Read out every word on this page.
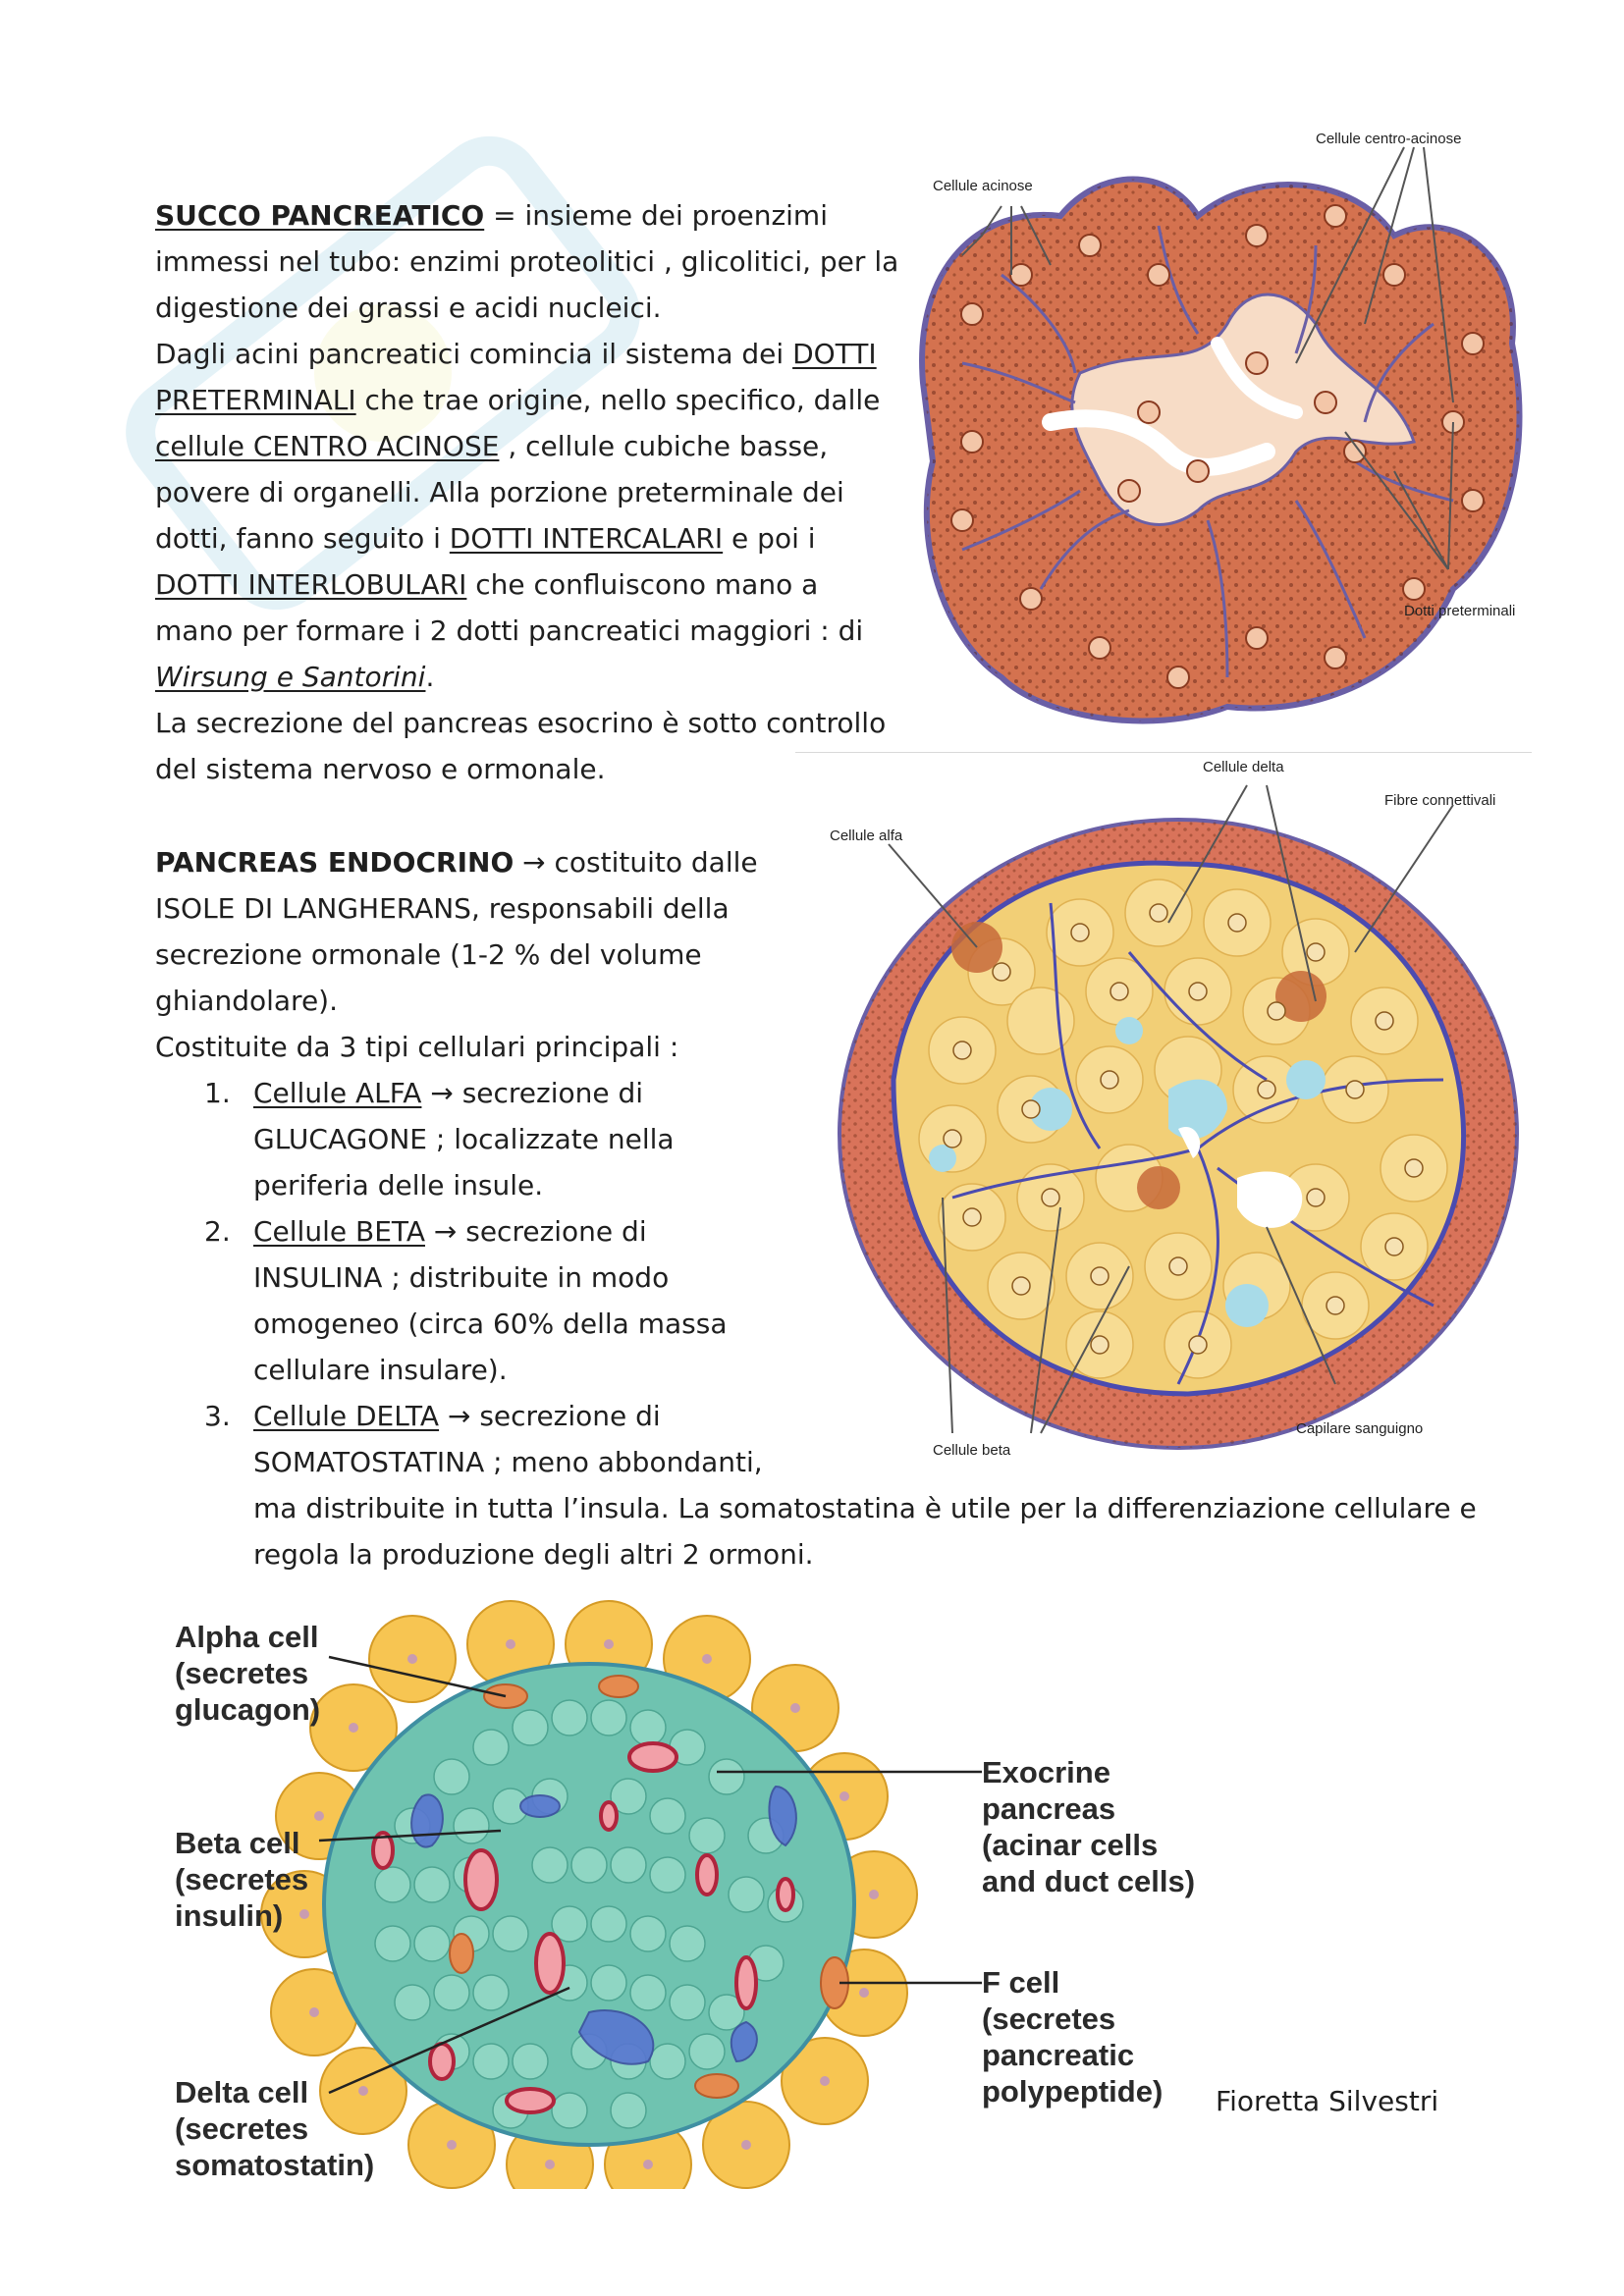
SUCCO PANCREATICO = insieme dei proenzimi
immessi nel tubo: enzimi proteolitici , glicolitici, per la
digestione dei grassi e acidi nucleici.
Dagli acini pancreatici comincia il sistema dei DOTTI
PRETERMINALI che trae origine, nello specifico, dalle
cellule CENTRO ACINOSE , cellule cubiche basse,
povere di organelli. Alla porzione preterminale dei
dotti, fanno seguito i DOTTI INTERCALARI e poi i
DOTTI INTERLOBULARI che confluiscono mano a
mano per formare i 2 dotti pancreatici maggiori : di
Wirsung e Santorini.
La secrezione del pancreas esocrino è sotto controllo
del sistema nervoso e ormonale.
PANCREAS ENDOCRINO → costituito dalle
ISOLE DI LANGHERANS, responsabili della
secrezione ormonale (1-2 % del volume
ghiandolare).
Costituite da 3 tipi cellulari principali :
1. Cellule ALFA → secrezione di
GLUCAGONE ; localizzate nella
periferia delle insule.
2. Cellule BETA → secrezione di
INSULINA ; distribuite in modo
omogeneo (circa 60% della massa
cellulare insulare).
3. Cellule DELTA → secrezione di
SOMATOSTATINA ; meno abbondanti,
ma distribuite in tutta l’insula. La somatostatina è utile per la differenziazione cellulare e
regola la produzione degli altri 2 ormoni.
Cellule acinose
Cellule centro-acinose
Dotti preterminali
Cellule delta
Fibre connettivali
Cellule alfa
Capilare sanguigno
Cellule beta
Alpha cell (secretes glucagon)
Beta cell (secretes insulin)
Delta cell (secretes somatostatin)
Exocrine pancreas (acinar cells and duct cells)
F cell (secretes pancreatic polypeptide) Fioretta Silvestri
